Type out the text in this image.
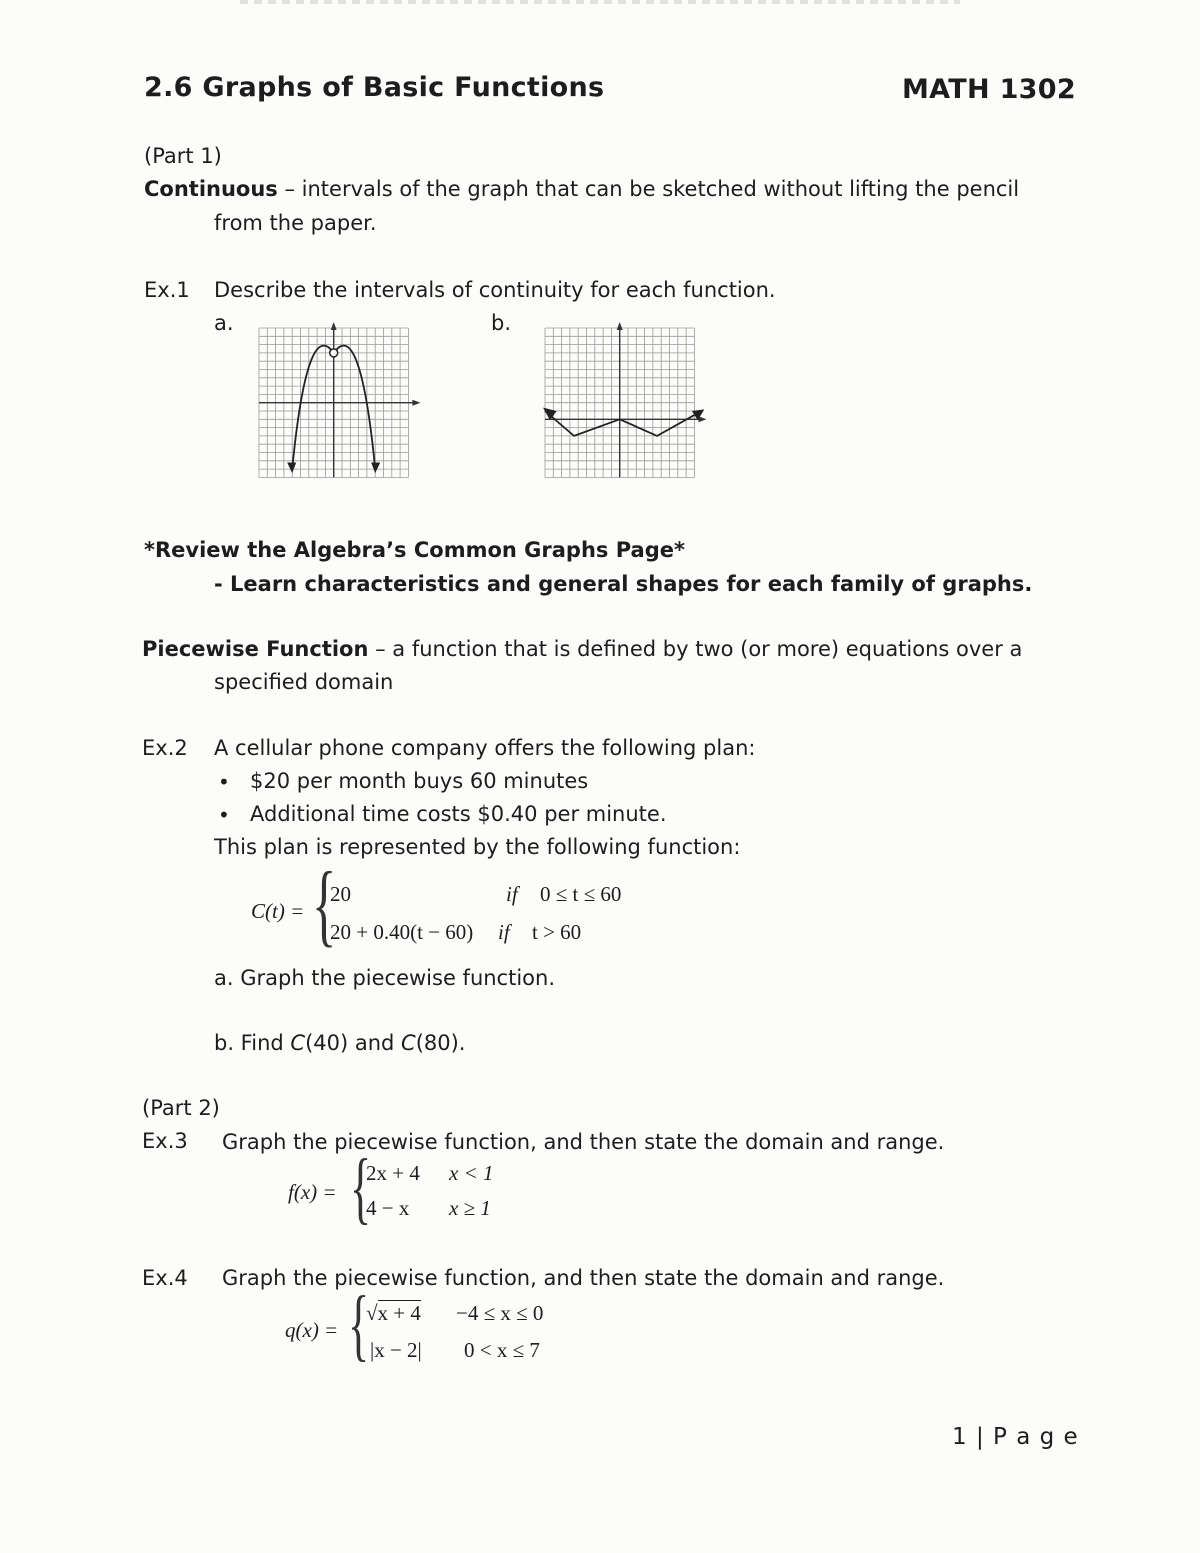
2.6 Graphs of Basic Functions	MATH 1302
(Part 1)
Continuous – intervals of the graph that can be sketched without lifting the pencil
from the paper.
Ex.1 Describe the intervals of continuity for each function.
a.	b.
*Review the Algebra’s Common Graphs Page*
- Learn characteristics and general shapes for each family of graphs.
Piecewise Function – a function that is defined by two (or more) equations over a
specified domain
Ex.2 A cellular phone company offers the following plan:
• $20 per month buys 60 minutes
• Additional time costs $0.40 per minute.
This plan is represented by the following function:
C(t) = {
20	if 0 ≤ t ≤ 60
20 + 0.40(t − 60) if t > 60
a. Graph the piecewise function.
b. Find C(40) and C(80).
(Part 2)
Ex.3 Graph the piecewise function, and then state the domain and range.
f(x) = {
2x + 4 x < 1
4 − x x ≥ 1
Ex.4 Graph the piecewise function, and then state the domain and range.
q(x) = {
√x + 4 −4 ≤ x ≤ 0
|x − 2| 0 < x ≤ 7
1 | P a g e
